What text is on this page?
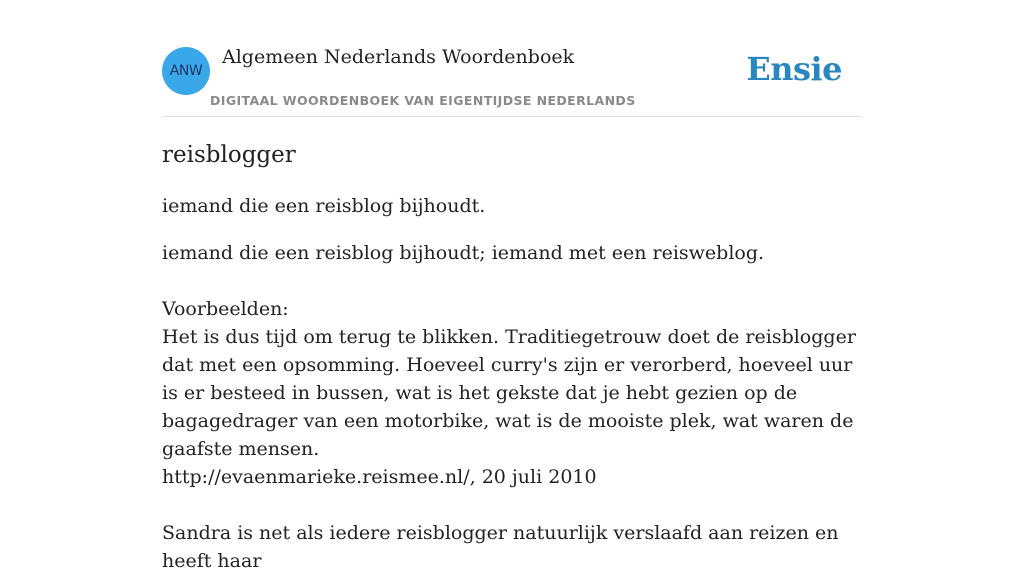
ANW
Algemeen Nederlands Woordenboek
DIGITAAL WOORDENBOEK VAN EIGENTIJDSE NEDERLANDS
Ensie
reisblogger

iemand die een reisblog bijhoudt.

iemand die een reisblog bijhoudt; iemand met een reisweblog.

Voorbeelden:

Het is dus tijd om terug te blikken. Traditiegetrouw doet de reisblogger dat met een opsomming. Hoeveel curry's zijn er verorberd, hoeveel uur is er besteed in bussen, wat is het gekste dat je hebt gezien op de bagagedrager van een motorbike, wat is de mooiste plek, wat waren de gaafste mensen.
http://evaenmarieke.reismee.nl/, 20 juli 2010

Sandra is net als iedere reisblogger natuurlijk verslaafd aan reizen en heeft haar
